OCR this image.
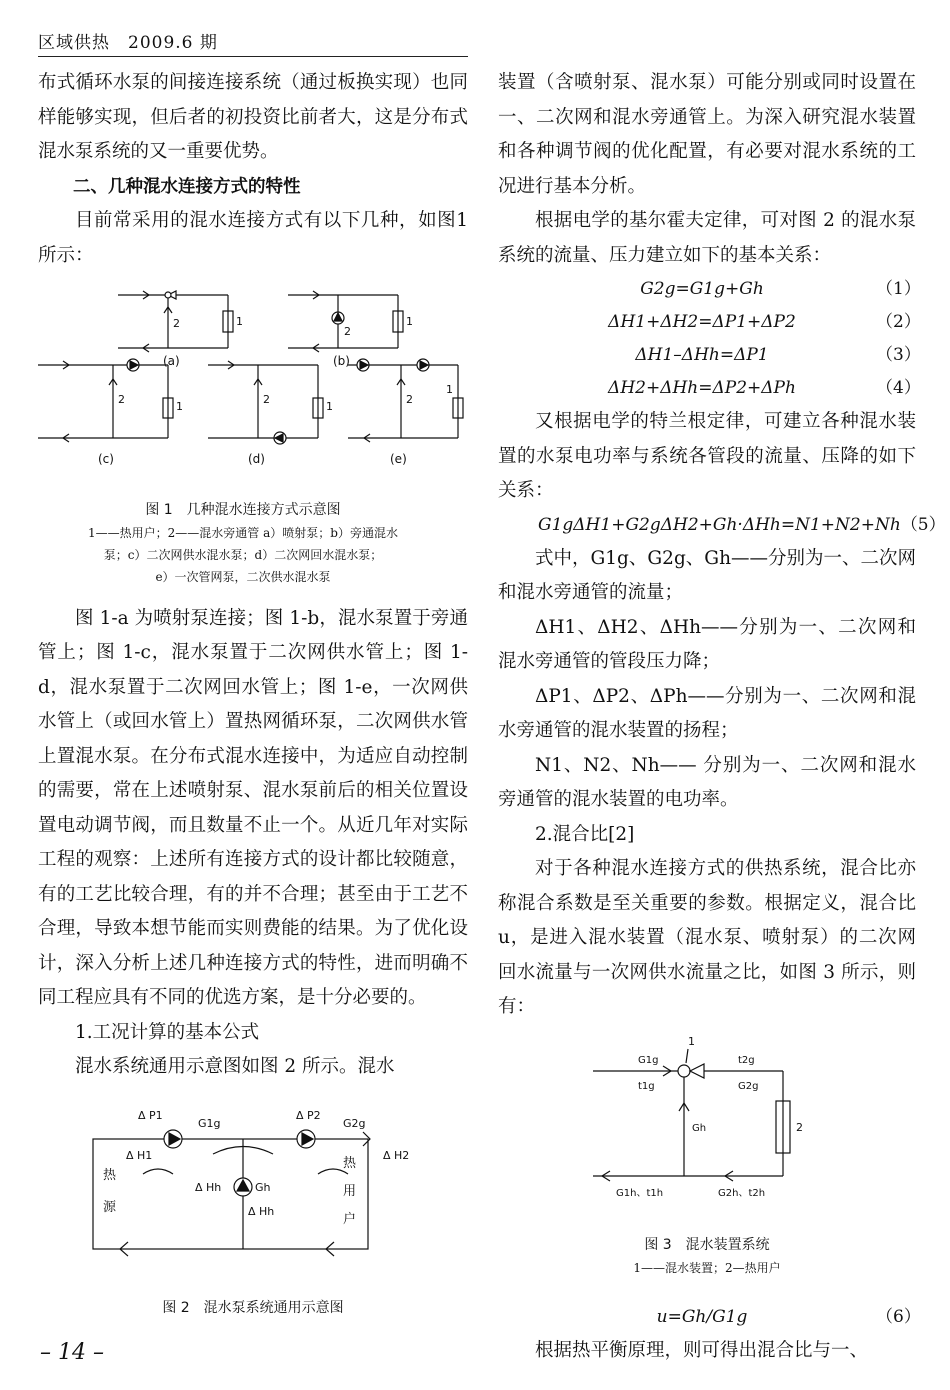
区域供热　 2009.6 期

布式循环水泵的间接连接系统（通过板换实现）也同样能够实现，但后者的初投资比前者大，这是分布式混水泵系统的又一重要优势。

二、几种混水连接方式的特性

目前常采用的混水连接方式有以下几种，如图1所示：

2	1
(a)
2
1
(b)
2
1
(c)
2
1
(d)
2
1
(e)
图 1　几种混水连接方式示意图
1——热用户；2——混水旁通管 a）喷射泵；b）旁通混水
泵；c）二次网供水混水泵；d）二次网回水混水泵；
e）一次管网泵，二次供水混水泵

图 1-a 为喷射泵连接；图 1-b，混水泵置于旁通管上；图 1-c，混水泵置于二次网供水管上；图 1-d，混水泵置于二次网回水管上；图 1-e，一次网供水管上（或回水管上）置热网循环泵，二次网供水管上置混水泵。在分布式混水连接中，为适应自动控制的需要，常在上述喷射泵、混水泵前后的相关位置设置电动调节阀，而且数量不止一个。从近几年对实际工程的观察：上述所有连接方式的设计都比较随意，有的工艺比较合理，有的并不合理；甚至由于工艺不合理，导致本想节能而实则费能的结果。为了优化设计，深入分析上述几种连接方式的特性，进而明确不同工程应具有不同的优选方案，是十分必要的。

1.工况计算的基本公式

混水系统通用示意图如图 2 所示。混水

Δ P1
G1g
Δ P2
G2g
Δ H1
Δ Hh	Gh
Δ Hh
Δ H2
热
源
热
用
户
图 2　混水泵系统通用示意图

装置（含喷射泵、混水泵）可能分别或同时设置在一、二次网和混水旁通管上。为深入研究混水装置和各种调节阀的优化配置，有必要对混水系统的工况进行基本分析。

根据电学的基尔霍夫定律，可对图 2 的混水泵系统的流量、压力建立如下的基本关系：

G2g=G1g+Gh	（1）
ΔH1+ΔH2=ΔP1+ΔP2	（2）
ΔH1–ΔHh=ΔP1	（3）
ΔH2+ΔHh=ΔP2+ΔPh	（4）

又根据电学的特兰根定律，可建立各种混水装置的水泵电功率与系统各管段的流量、压降的如下关系：

G1gΔH1+G2gΔH2+Gh·ΔHh=N1+N2+Nh （5）

式中，G1g、G2g、Gh——分别为一、二次网和混水旁通管的流量；

ΔH1、ΔH2、ΔHh——分别为一、二次网和混水旁通管的管段压力降；

ΔP1、ΔP2、ΔPh——分别为一、二次网和混水旁通管的混水装置的扬程；

N1、N2、Nh—— 分别为一、二次网和混水旁通管的混水装置的电功率。

2.混合比[2]

对于各种混水连接方式的供热系统，混合比亦称混合系数是至关重要的参数。根据定义，混合比 u，是进入混水装置（混水泵、喷射泵）的二次网回水流量与一次网供水流量之比，如图 3 所示，则有：

1
2
G1g
t1g
t2g
G2g
Gh
G1h、t1h	G2h、t2h
图 3　混水装置系统
1——混水装置；2—热用户
u=Gh/G1g	（6）

根据热平衡原理，则可得出混合比与一、

– 14 –
